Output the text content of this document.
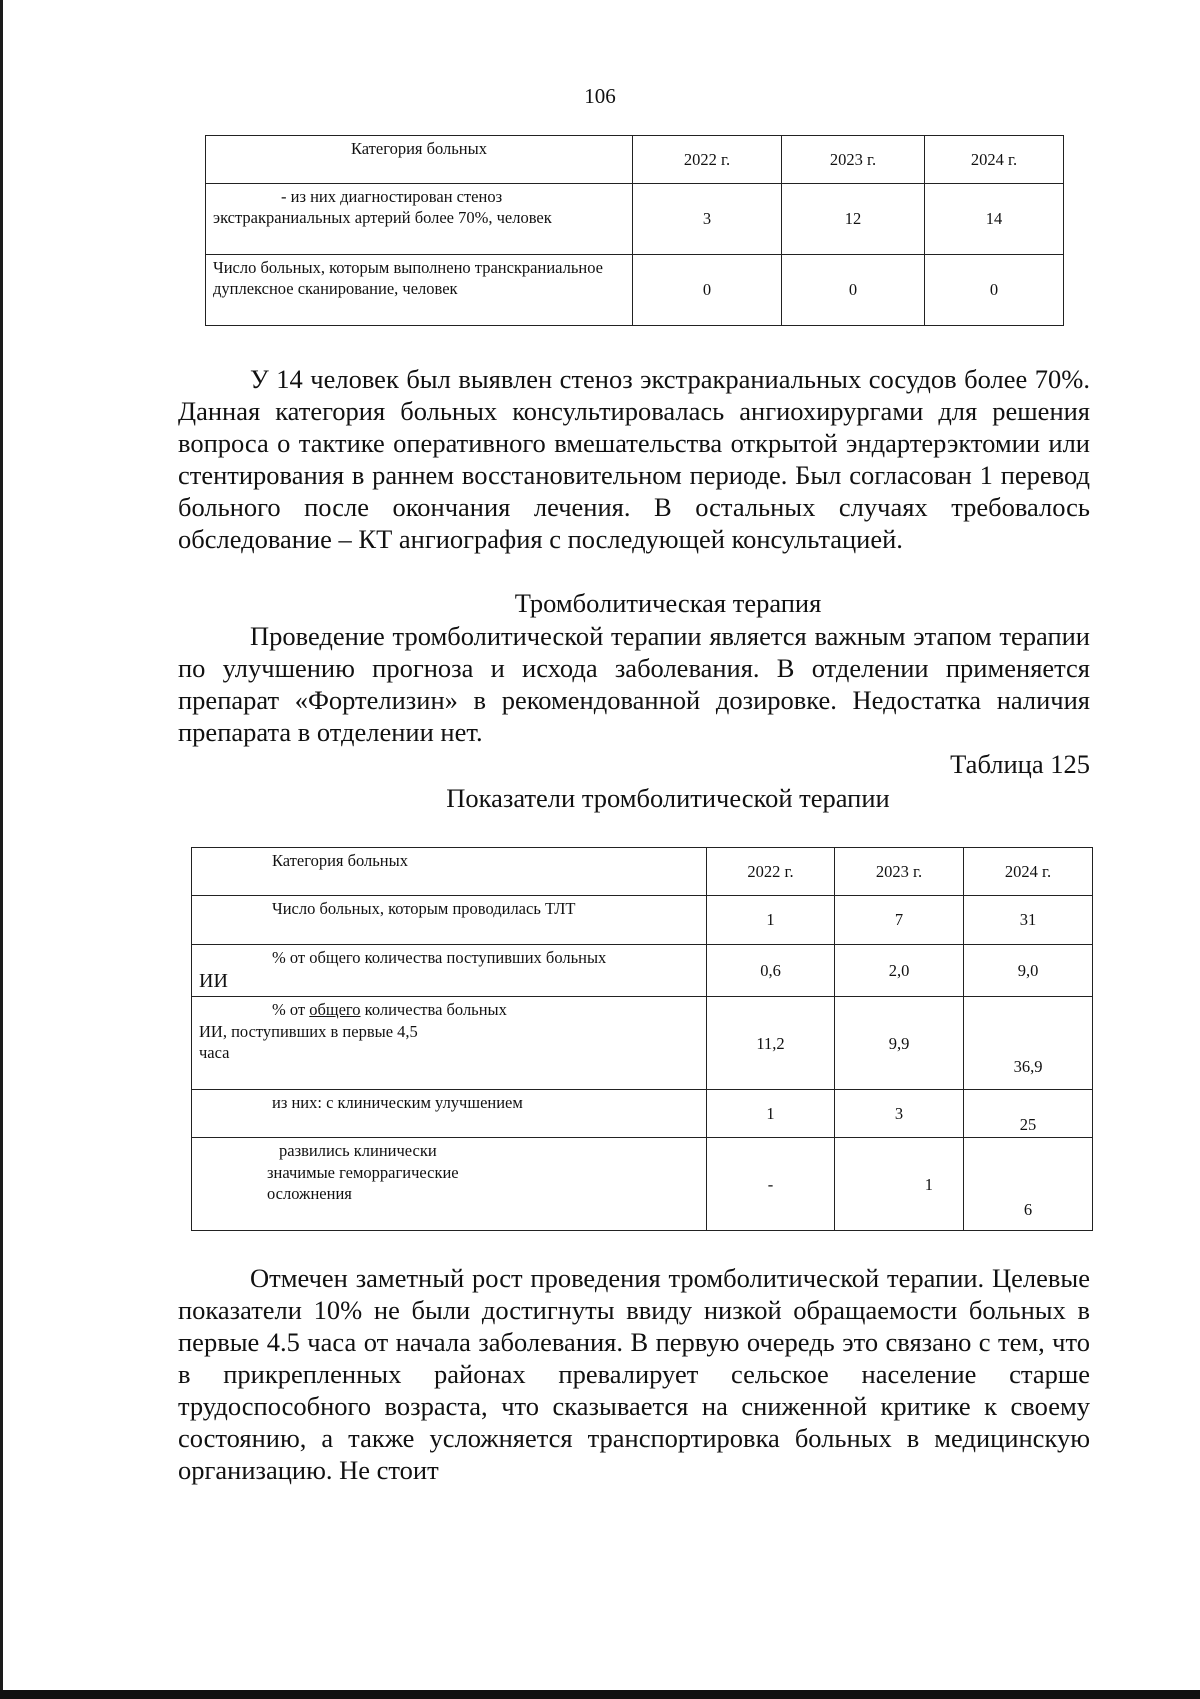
106
Категория больных	2022 г.	2023 г.	2024 г.
- из них диагностирован стеноз экстракраниальных артерий более 70%, человек	3	12	14
Число больных, которым выполнено транскраниальное дуплексное сканирование, человек	0	0	0
У 14 человек был выявлен стеноз экстракраниальных сосудов более 70%. Данная категория больных консультировалась ангиохирургами для решения вопроса о тактике оперативного вмешательства открытой эндартерэктомии или стентирования в раннем восстановительном периоде. Был согласован 1 перевод больного после окончания лечения. В остальных случаях требовалось обследование – КТ ангиография с последующей консультацией.
Тромболитическая терапия
Проведение тромболитической терапии является важным этапом терапии по улучшению прогноза и исхода заболевания. В отделении применяется препарат «Фортелизин» в рекомендованной дозировке. Недостатка наличия препарата в отделении нет.
Таблица 125
Показатели тромболитической терапии
Категория больных	2022 г.	2023 г.	2024 г.
Число больных, которым проводилась ТЛТ	1	7	31

% от общего количества поступивших больных
ИИ	0,6	2,0	9,0

% от общего количества больных
ИИ, поступивших в первые 4,5
часа	11,2	9,9	36,9
из них: с клиническим улучшением	1	3	25

развились клинически
значимые геморрагические
осложнения	-	1	6
Отмечен заметный рост проведения тромболитической терапии. Целевые показатели 10% не были достигнуты ввиду низкой обращаемости больных в первые 4.5 часа от начала заболевания. В первую очередь это связано с тем, что в прикрепленных районах превалирует сельское население старше трудоспособного возраста, что сказывается на сниженной критике к своему состоянию, а также усложняется транспортировка больных в медицинскую организацию. Не стоит
